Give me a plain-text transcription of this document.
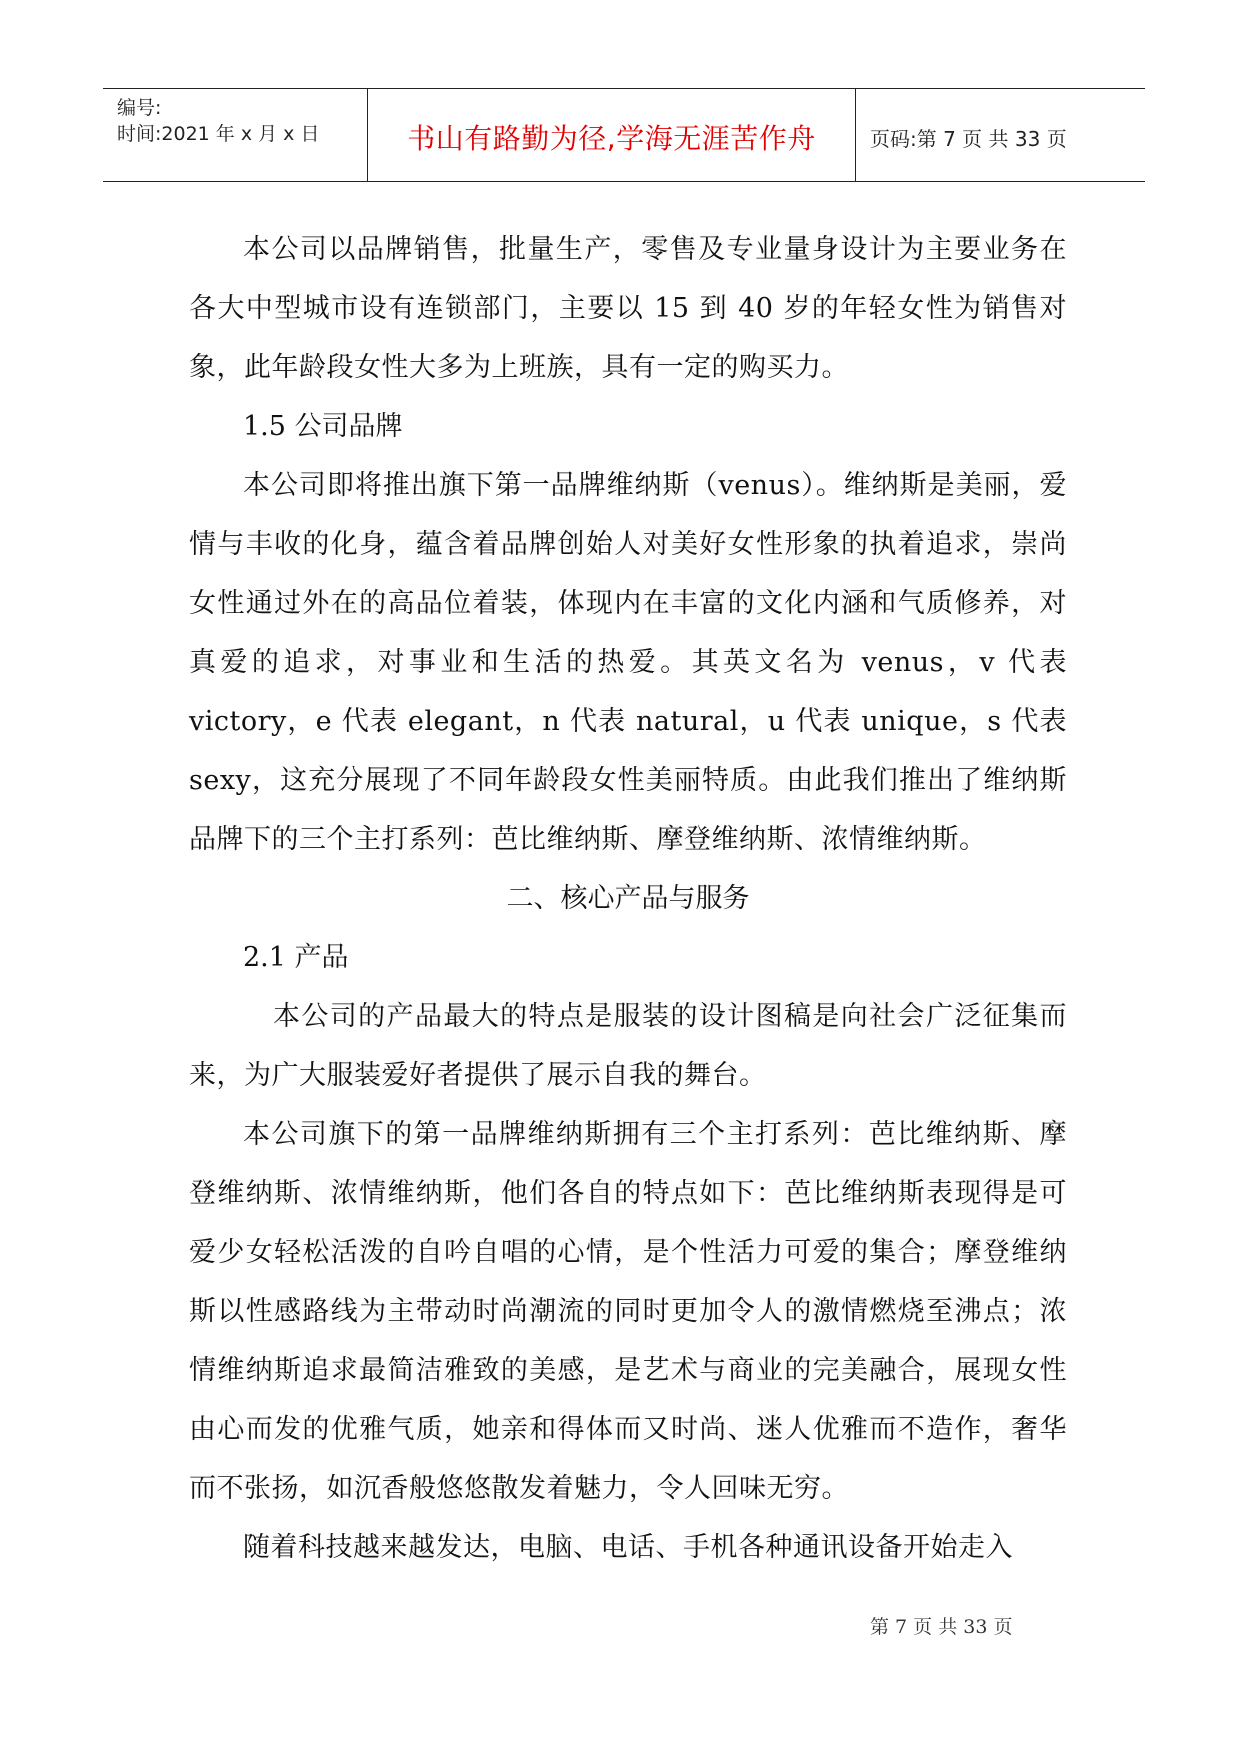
编号:
时间:2021 年 x 月 x 日	书山有路勤为径,学海无涯苦作舟	页码:第 7 页 共 33 页

本公司以品牌销售，批量生产，零售及专业量身设计为主要业务在各大中型城市设有连锁部门，主要以 15 到 40 岁的年轻女性为销售对象，此年龄段女性大多为上班族，具有一定的购买力。

1.5 公司品牌

本公司即将推出旗下第一品牌维纳斯（venus）。维纳斯是美丽，爱情与丰收的化身，蕴含着品牌创始人对美好女性形象的执着追求，崇尚女性通过外在的高品位着装，体现内在丰富的文化内涵和气质修养，对真爱的追求，对事业和生活的热爱。其英文名为 venus，v 代表 victory，e 代表 elegant，n 代表 natural，u 代表 unique，s 代表 sexy，这充分展现了不同年龄段女性美丽特质。由此我们推出了维纳斯品牌下的三个主打系列：芭比维纳斯、摩登维纳斯、浓情维纳斯。

二、核心产品与服务

2.1 产品

本公司的产品最大的特点是服装的设计图稿是向社会广泛征集而来，为广大服装爱好者提供了展示自我的舞台。

本公司旗下的第一品牌维纳斯拥有三个主打系列：芭比维纳斯、摩登维纳斯、浓情维纳斯，他们各自的特点如下：芭比维纳斯表现得是可爱少女轻松活泼的自吟自唱的心情，是个性活力可爱的集合；摩登维纳斯以性感路线为主带动时尚潮流的同时更加令人的激情燃烧至沸点；浓情维纳斯追求最简洁雅致的美感，是艺术与商业的完美融合，展现女性由心而发的优雅气质，她亲和得体而又时尚、迷人优雅而不造作，奢华而不张扬，如沉香般悠悠散发着魅力，令人回味无穷。

随着科技越来越发达，电脑、电话、手机各种通讯设备开始走入

第 7 页 共 33 页
